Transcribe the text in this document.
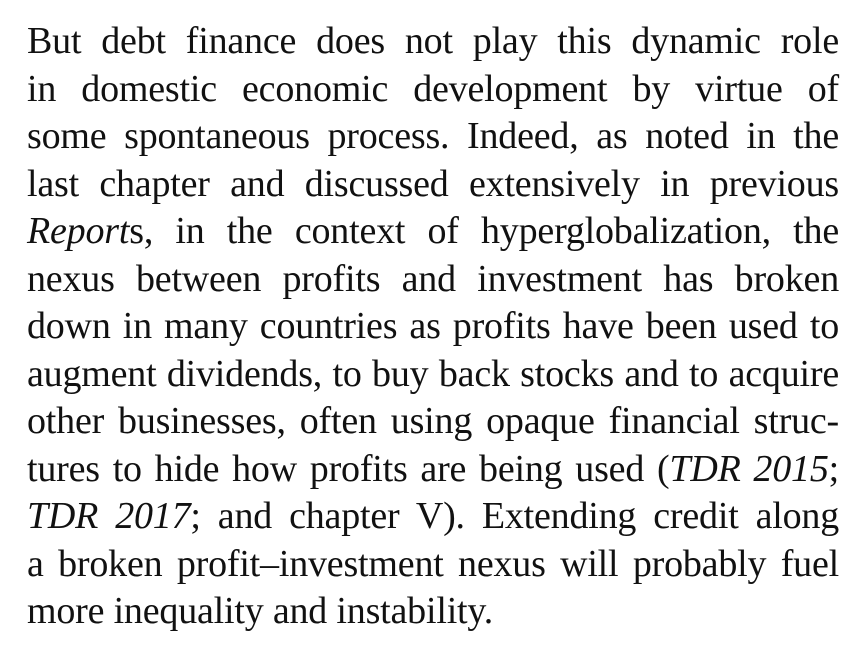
But debt finance does not play this dynamic role
in domestic economic development by virtue of
some spontaneous process. Indeed, as noted in the
last chapter and discussed extensively in previous
Reports, in the context of hyperglobalization, the
nexus between profits and investment has broken
down in many countries as profits have been used to
augment dividends, to buy back stocks and to acquire
other businesses, often using opaque financial struc-
tures to hide how profits are being used (TDR 2015;
TDR 2017; and chapter V). Extending credit along
a broken profit–investment nexus will probably fuel
more inequality and instability.
